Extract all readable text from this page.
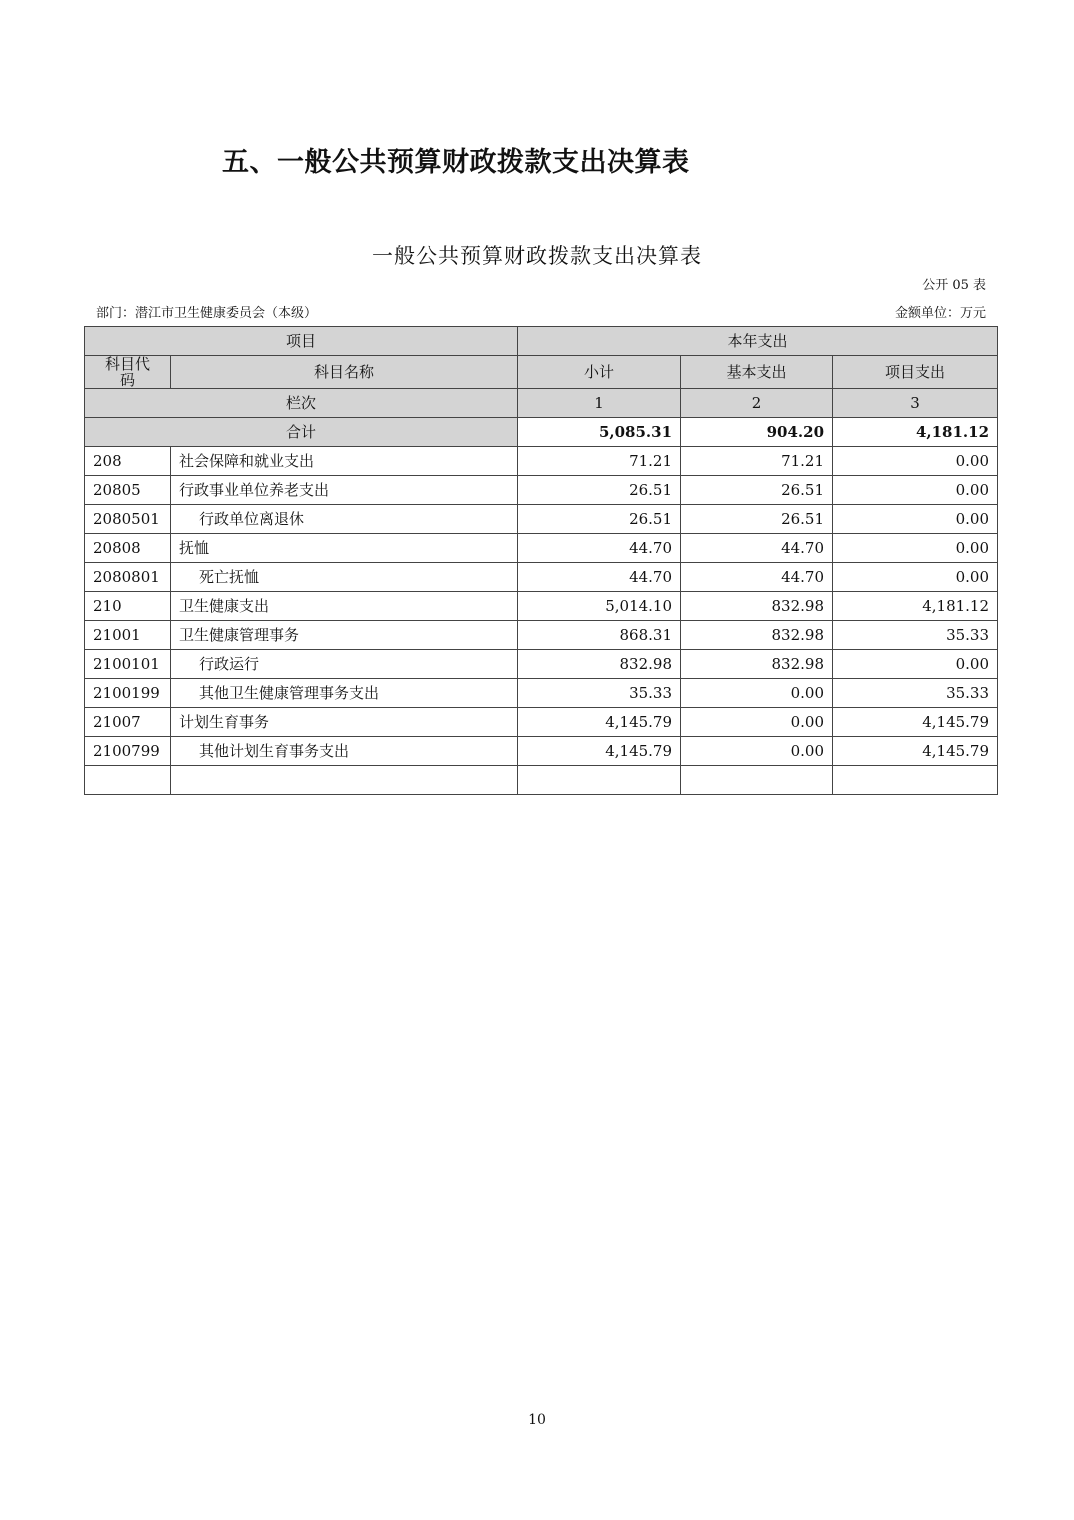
五、一般公共预算财政拨款支出决算表
一般公共预算财政拨款支出决算表
公开 05 表
部门：潜江市卫生健康委员会（本级）	金额单位：万元
项目		本年支出		
科目代码	科目名称	小计	基本支出	项目支出
栏次		1	2	3
合计		5,085.31	904.20	4,181.12
208	社会保障和就业支出	71.21	71.21	0.00
20805	行政事业单位养老支出	26.51	26.51	0.00
2080501	行政单位离退休	26.51	26.51	0.00
20808	抚恤	44.70	44.70	0.00
2080801	死亡抚恤	44.70	44.70	0.00
210	卫生健康支出	5,014.10	832.98	4,181.12
21001	卫生健康管理事务	868.31	832.98	35.33
2100101	行政运行	832.98	832.98	0.00
2100199	其他卫生健康管理事务支出	35.33	0.00	35.33
21007	计划生育事务	4,145.79	0.00	4,145.79
2100799	其他计划生育事务支出	4,145.79	0.00	4,145.79

10
